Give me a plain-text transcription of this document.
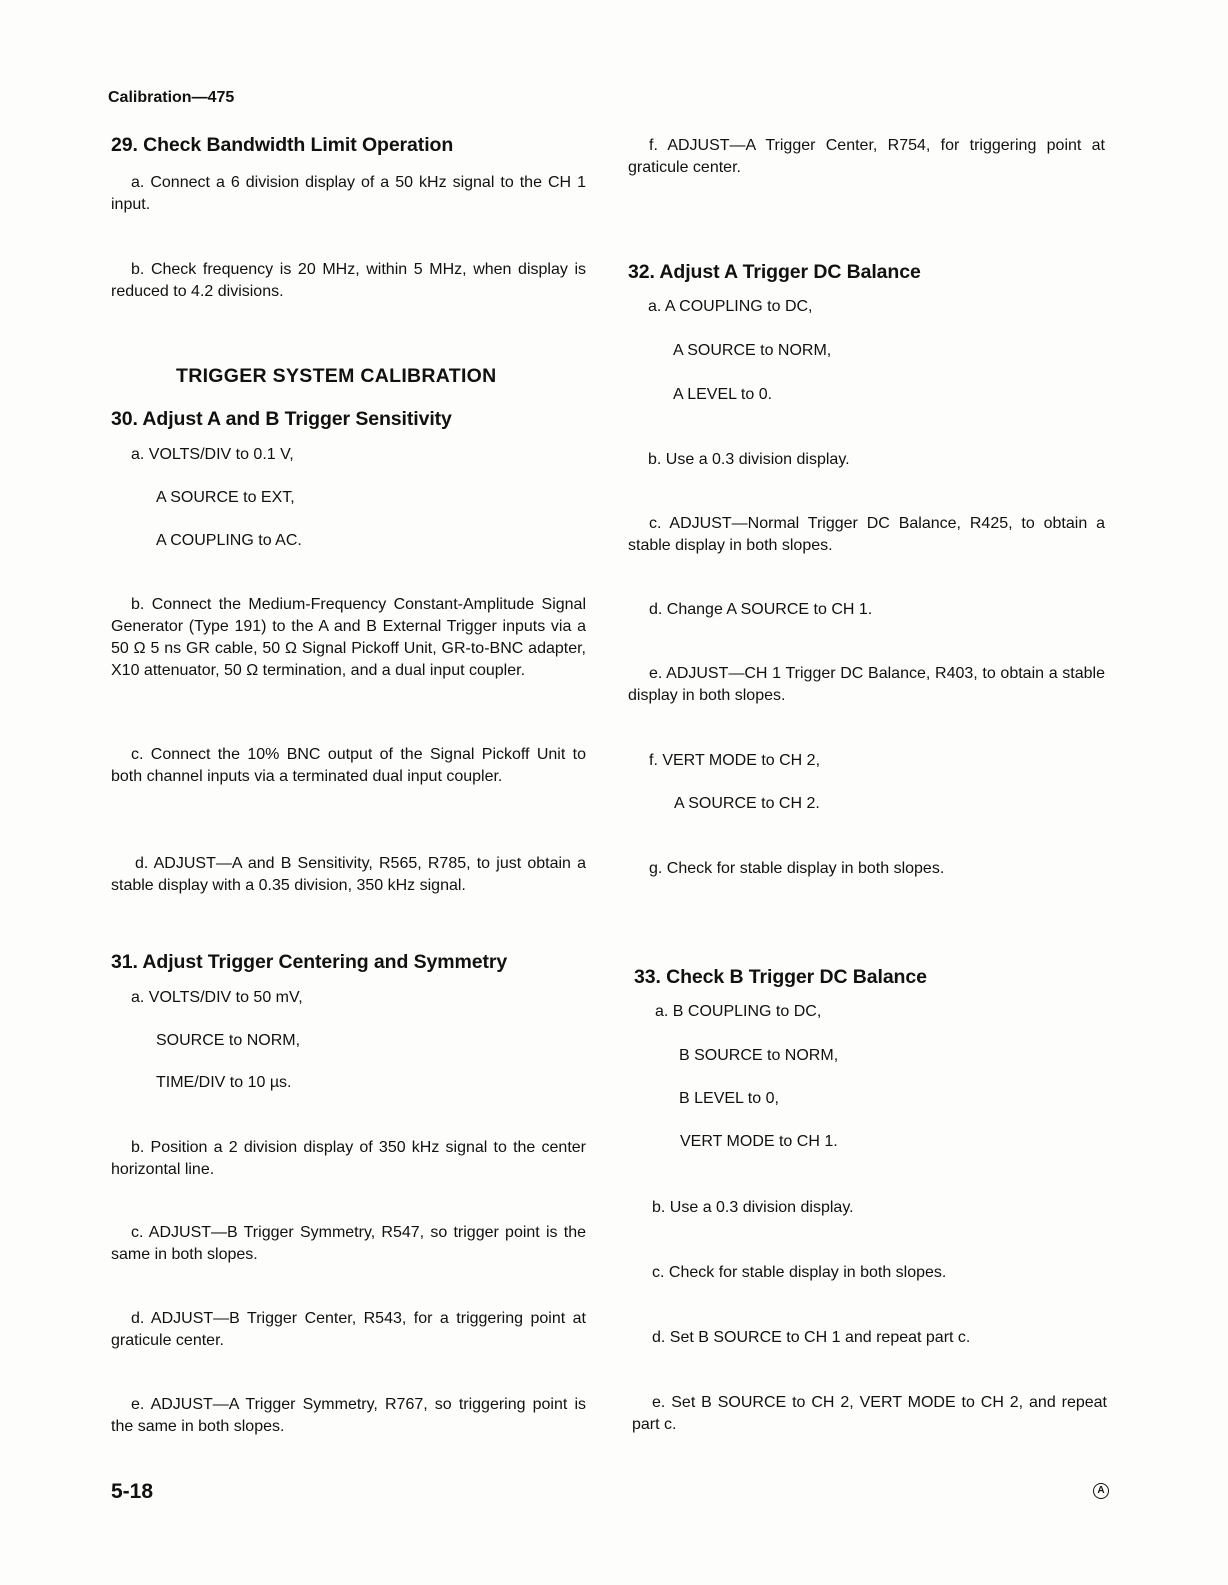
Calibration—475
29. Check Bandwidth Limit Operation
a. Connect a 6 division display of a 50 kHz signal to the CH 1 input.
b. Check frequency is 20 MHz, within 5 MHz, when display is reduced to 4.2 divisions.
TRIGGER SYSTEM CALIBRATION
30. Adjust A and B Trigger Sensitivity
a. VOLTS/DIV to 0.1 V,
A SOURCE to EXT,
A COUPLING to AC.
b. Connect the Medium-Frequency Constant-Amplitude Signal Generator (Type 191) to the A and B External Trigger inputs via a 50 Ω 5 ns GR cable, 50 Ω Signal Pickoff Unit, GR-to-BNC adapter, X10 attenuator, 50 Ω termination, and a dual input coupler.
c. Connect the 10% BNC output of the Signal Pickoff Unit to both channel inputs via a terminated dual input coupler.
d. ADJUST—A and B Sensitivity, R565, R785, to just obtain a stable display with a 0.35 division, 350 kHz signal.
31. Adjust Trigger Centering and Symmetry
a. VOLTS/DIV to 50 mV,
SOURCE to NORM,
TIME/DIV to 10 µs.
b. Position a 2 division display of 350 kHz signal to the center horizontal line.
c. ADJUST—B Trigger Symmetry, R547, so trigger point is the same in both slopes.
d. ADJUST—B Trigger Center, R543, for a triggering point at graticule center.
e. ADJUST—A Trigger Symmetry, R767, so triggering point is the same in both slopes.
f. ADJUST—A Trigger Center, R754, for triggering point at graticule center.
32. Adjust A Trigger DC Balance
a. A COUPLING to DC,
A SOURCE to NORM,
A LEVEL to 0.
b. Use a 0.3 division display.
c. ADJUST—Normal Trigger DC Balance, R425, to obtain a stable display in both slopes.
d. Change A SOURCE to CH 1.
e. ADJUST—CH 1 Trigger DC Balance, R403, to obtain a stable display in both slopes.
f. VERT MODE to CH 2,
A SOURCE to CH 2.
g. Check for stable display in both slopes.
33. Check B Trigger DC Balance
a. B COUPLING to DC,
B SOURCE to NORM,
B LEVEL to 0,
VERT MODE to CH 1.
b. Use a 0.3 division display.
c. Check for stable display in both slopes.
d. Set B SOURCE to CH 1 and repeat part c.
e. Set B SOURCE to CH 2, VERT MODE to CH 2, and repeat part c.
5-18	A
